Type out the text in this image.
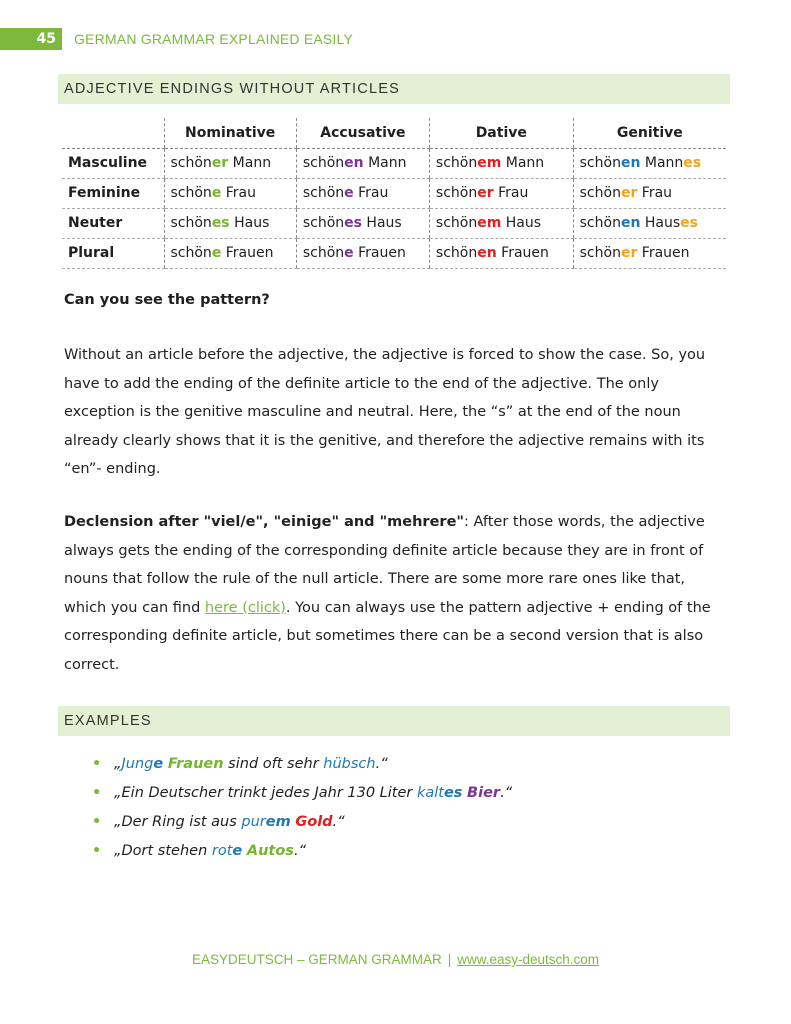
45	GERMAN GRAMMAR EXPLAINED EASILY
ADJECTIVE ENDINGS WITHOUT ARTICLES
	Nominative	Accusative	Dative	Genitive
Masculine	schöner Mann	schönen Mann	schönem Mann	schönen Mannes
Feminine	schöne Frau	schöne Frau	schöner Frau	schöner Frau
Neuter	schönes Haus	schönes Haus	schönem Haus	schönen Hauses
Plural	schöne Frauen	schöne Frauen	schönen Frauen	schöner Frauen
Can you see the pattern?

Without an article before the adjective, the adjective is forced to show the case. So, you have to add the ending of the definite article to the end of the adjective. The only exception is the genitive masculine and neutral. Here, the “s” at the end of the noun already clearly shows that it is the genitive, and therefore the adjective remains with its “en”- ending.

Declension after "viel/e", "einige" and "mehrere": After those words, the adjective always gets the ending of the corresponding definite article because they are in front of nouns that follow the rule of the null article. There are some more rare ones like that, which you can find here (click). You can always use the pattern adjective + ending of the corresponding definite article, but sometimes there can be a second version that is also correct.

EXAMPLES
• „Junge Frauen sind oft sehr hübsch.“
• „Ein Deutscher trinkt jedes Jahr 130 Liter kaltes Bier.“
• „Der Ring ist aus purem Gold.“
• „Dort stehen rote Autos.“
EASYDEUTSCH – GERMAN GRAMMAR | www.easy-deutsch.com
